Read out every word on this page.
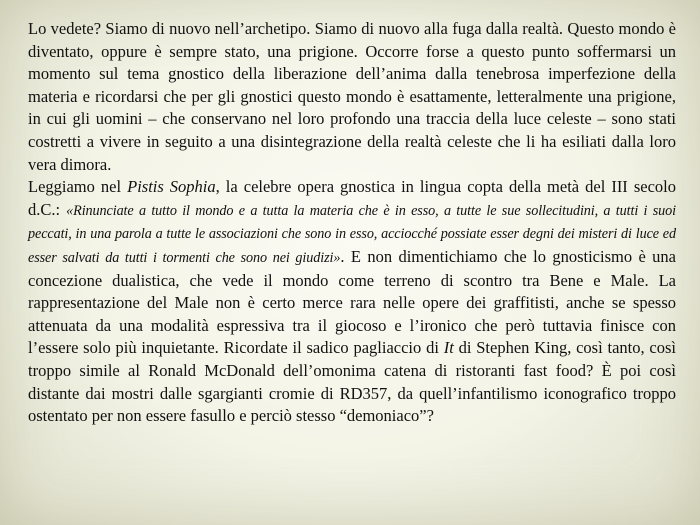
Lo vedete? Siamo di nuovo nell’archetipo. Siamo di nuovo alla fuga dalla realtà. Questo mondo è diventato, oppure è sempre stato, una prigione. Occorre forse a questo punto soffermarsi un momento sul tema gnostico della liberazione dell’anima dalla tenebrosa imperfezione della materia e ricordarsi che per gli gnostici questo mondo è esattamente, letteralmente una prigione, in cui gli uomini – che conservano nel loro profondo una traccia della luce celeste – sono stati costretti a vivere in seguito a una disintegrazione della realtà celeste che li ha esiliati dalla loro vera dimora.

Leggiamo nel Pistis Sophia, la celebre opera gnostica in lingua copta della metà del III secolo d.C.: «Rinunciate a tutto il mondo e a tutta la materia che è in esso, a tutte le sue sollecitudini, a tutti i suoi peccati, in una parola a tutte le associazioni che sono in esso, acciocché possiate esser degni dei misteri di luce ed esser salvati da tutti i tormenti che sono nei giudizi». E non dimentichiamo che lo gnosticismo è una concezione dualistica, che vede il mondo come terreno di scontro tra Bene e Male. La rappresentazione del Male non è certo merce rara nelle opere dei graffitisti, anche se spesso attenuata da una modalità espressiva tra il giocoso e l’ironico che però tuttavia finisce con l’essere solo più inquietante. Ricordate il sadico pagliaccio di It di Stephen King, così tanto, così troppo simile al Ronald McDonald dell’omonima catena di ristoranti fast food? È poi così distante dai mostri dalle sgargianti cromie di RD357, da quell’infantilismo iconografico troppo ostentato per non essere fasullo e perciò stesso “demoniaco”?
